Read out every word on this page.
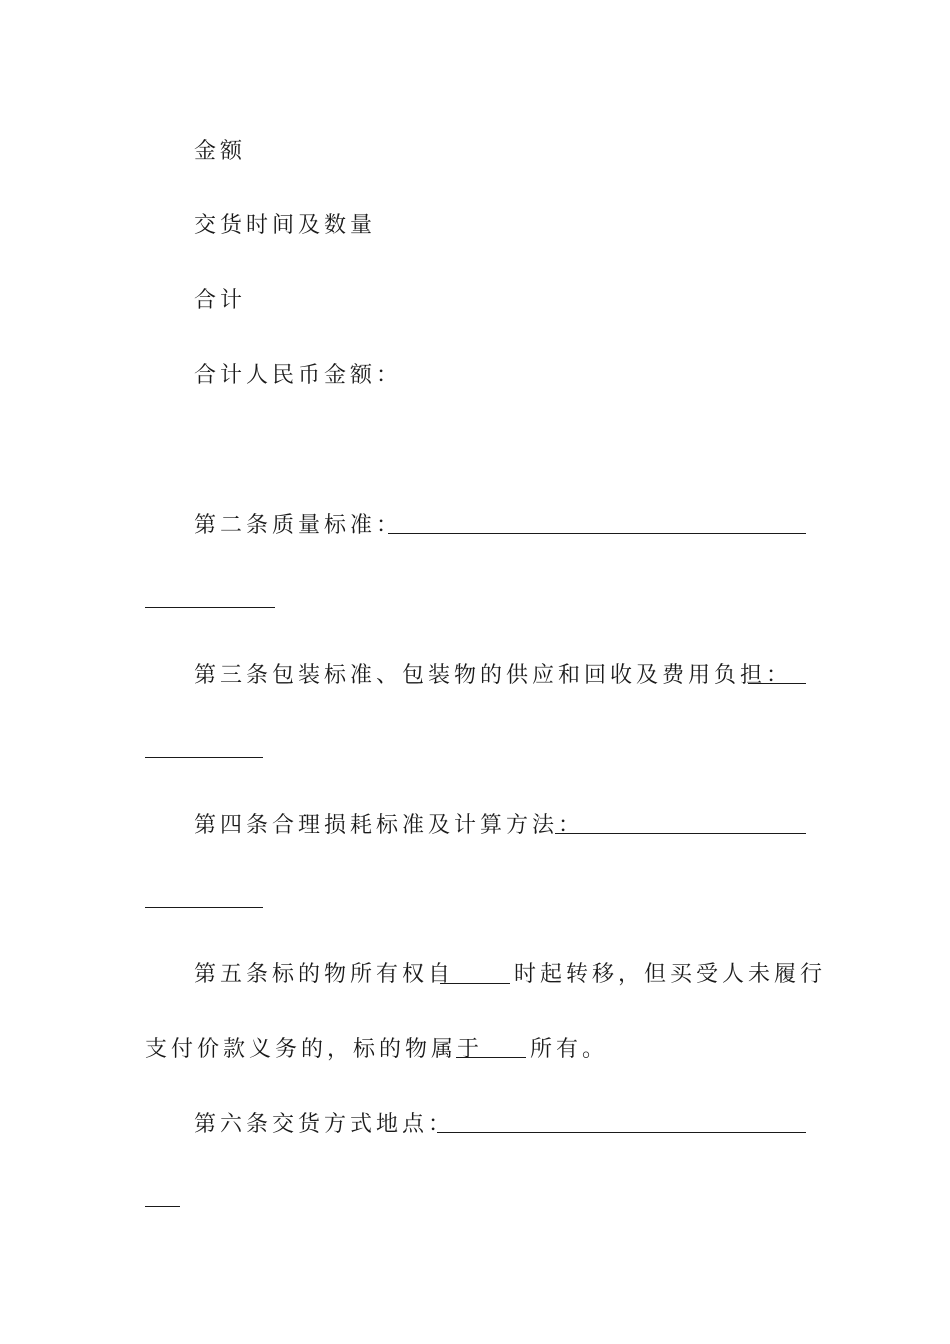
金额
交货时间及数量
合计
合计人民币金额：
第二条质量标准：
第三条包装标准、包装物的供应和回收及费用负担：
第四条合理损耗标准及计算方法：
第五条标的物所有权自	时起转移，但买受人未履行
支付价款义务的，标的物属于 所有。
第六条交货方式地点：
